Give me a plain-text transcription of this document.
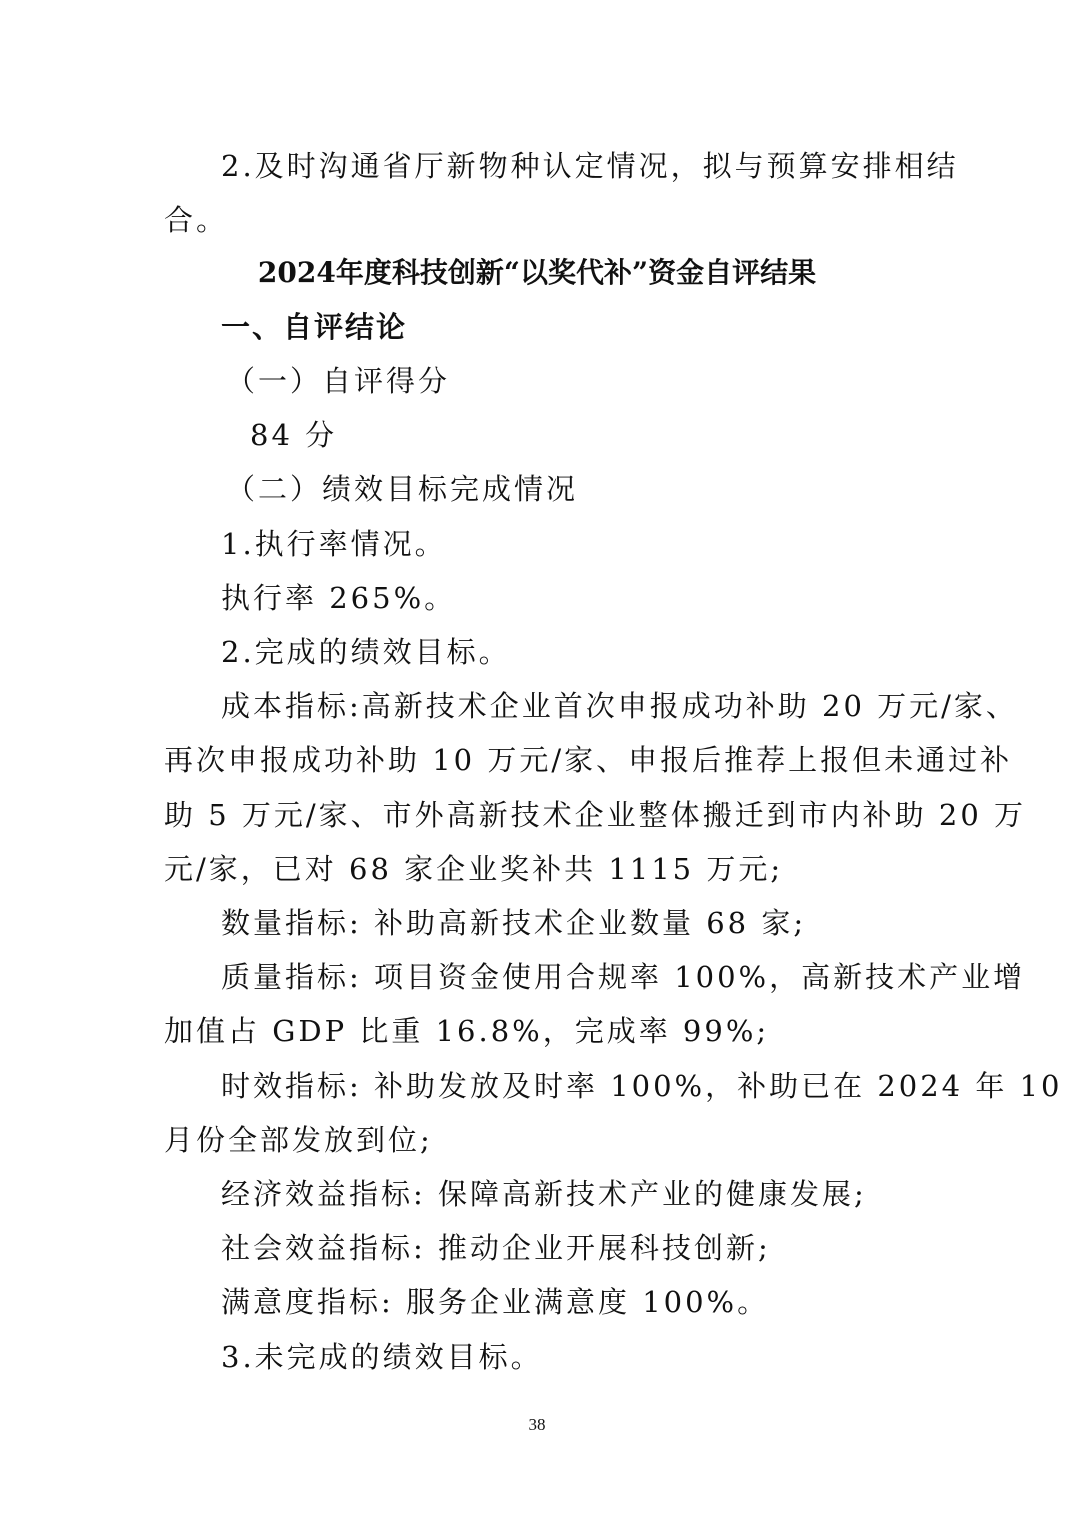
2.及时沟通省厅新物种认定情况，拟与预算安排相结
合。
2024年度科技创新“以奖代补”资金自评结果
一、自评结论
（一）自评得分
84 分
（二）绩效目标完成情况
1.执行率情况。
执行率 265%。
2.完成的绩效目标。
成本指标:高新技术企业首次申报成功补助 20 万元/家、
再次申报成功补助 10 万元/家、申报后推荐上报但未通过补
助 5 万元/家、市外高新技术企业整体搬迁到市内补助 20 万
元/家，已对 68 家企业奖补共 1115 万元;
数量指标: 补助高新技术企业数量 68 家;
质量指标: 项目资金使用合规率 100%，高新技术产业增
加值占 GDP 比重 16.8%，完成率 99%;
时效指标: 补助发放及时率 100%，补助已在 2024 年 10
月份全部发放到位;
经济效益指标: 保障高新技术产业的健康发展;
社会效益指标: 推动企业开展科技创新;
满意度指标: 服务企业满意度 100%。
3.未完成的绩效目标。
38
